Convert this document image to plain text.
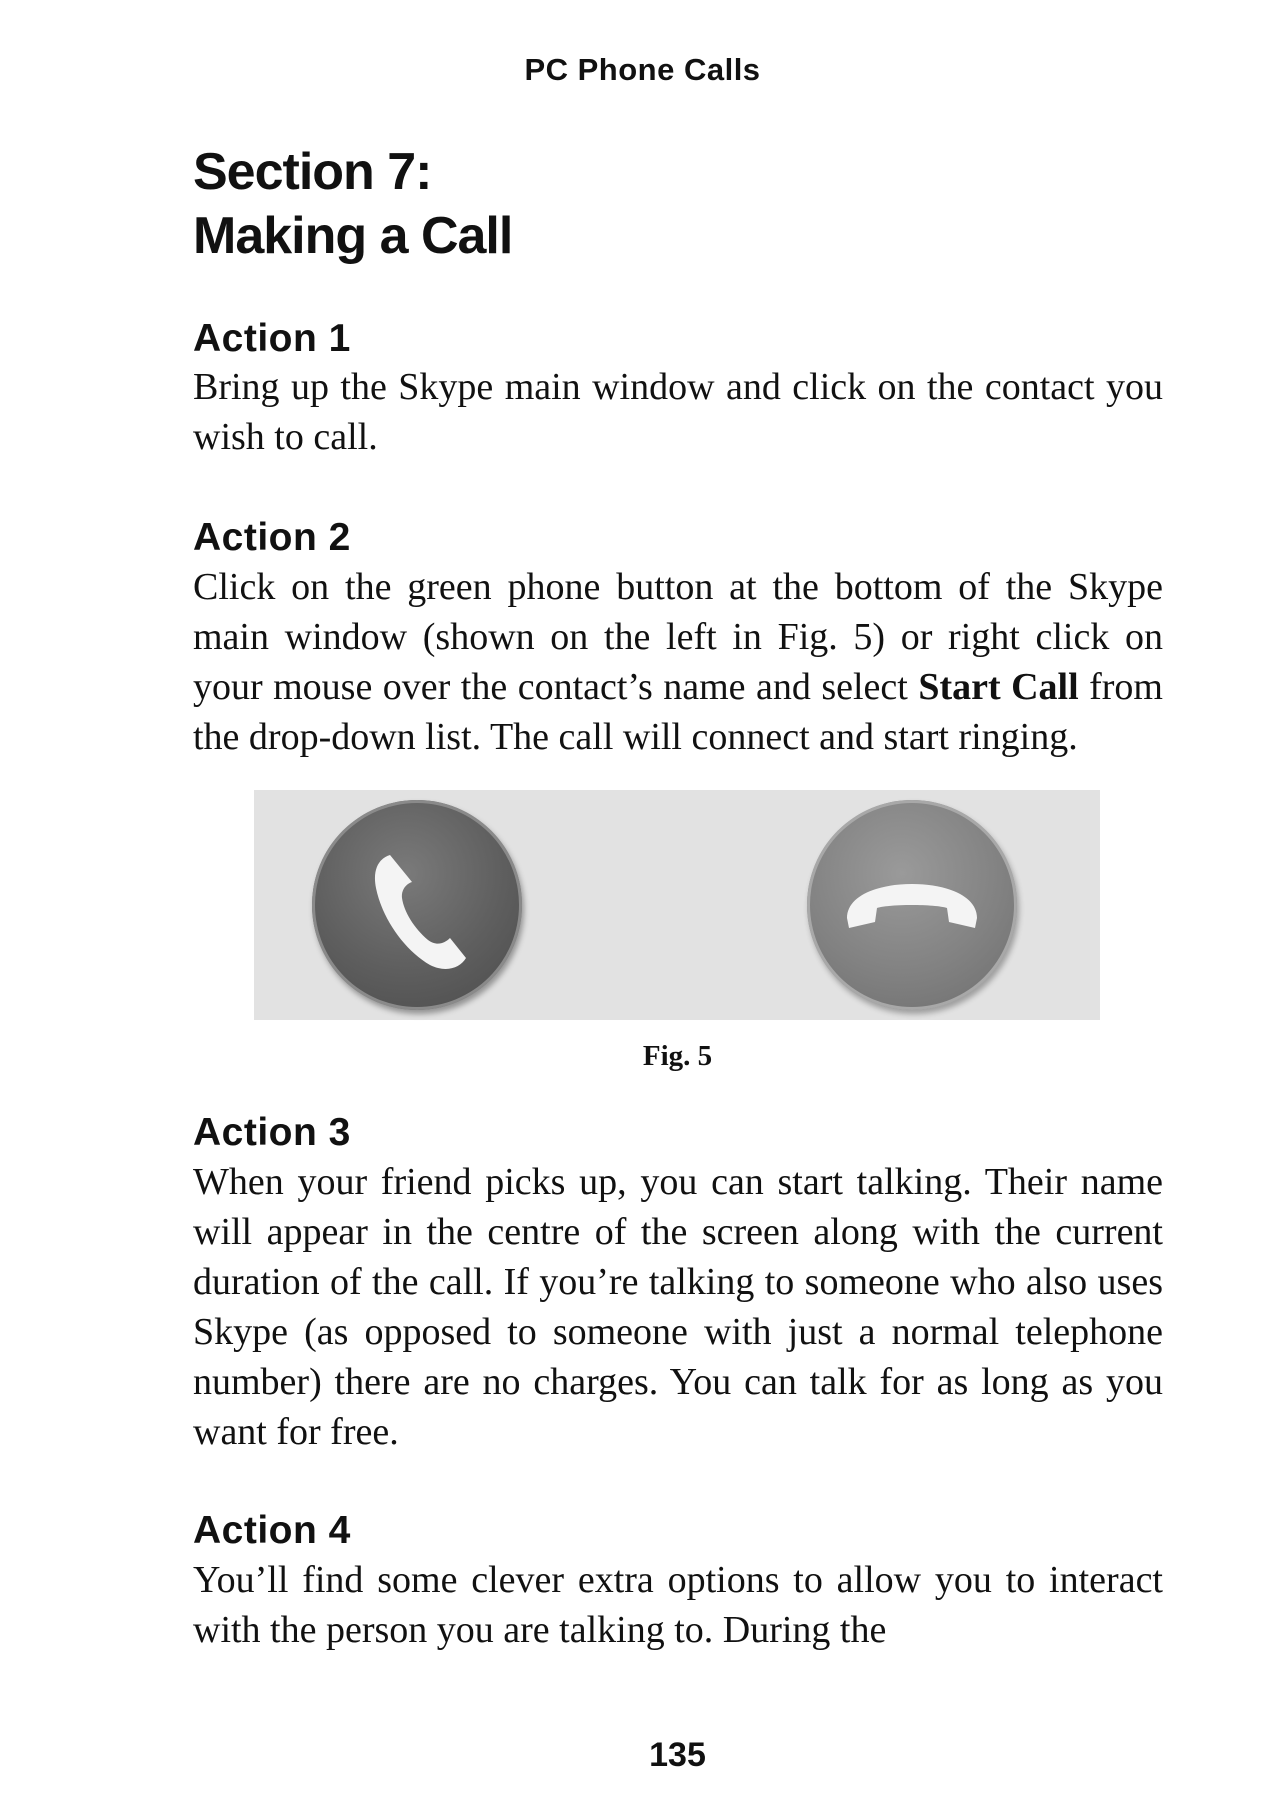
PC Phone Calls
Section 7:
Making a Call
Action 1

Bring up the Skype main window and click on the contact you wish to call.

Action 2

Click on the green phone button at the bottom of the Skype main window (shown on the left in Fig. 5) or right click on your mouse over the contact’s name and select Start Call from the drop-down list. The call will connect and start ringing.

Fig. 5
Action 3

When your friend picks up, you can start talking. Their name will appear in the centre of the screen along with the current duration of the call. If you’re talking to someone who also uses Skype (as opposed to someone with just a normal telephone number) there are no charges. You can talk for as long as you want for free.

Action 4

You’ll find some clever extra options to allow you to interact with the person you are talking to. During the

135
